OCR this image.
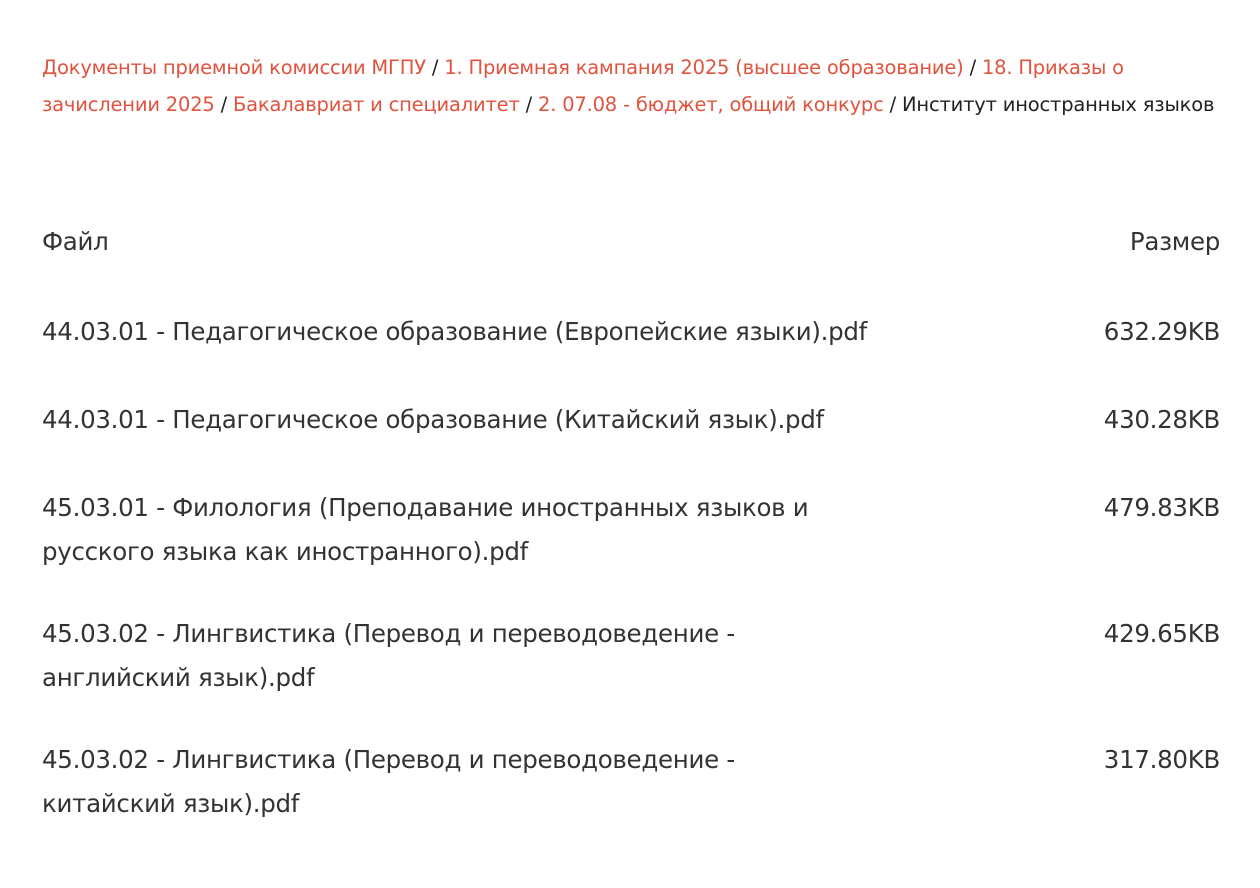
Документы приемной комиссии МГПУ / 1. Приемная кампания 2025 (высшее образование) / 18. Приказы о зачислении 2025 / Бакалавриат и специалитет / 2. 07.08 - бюджет, общий конкурс / Институт иностранных языков
Файл	Размер

44.03.01 - Педагогическое образование (Европейские языки).pdf	632.29KB

44.03.01 - Педагогическое образование (Китайский язык).pdf	430.28KB

45.03.01 - Филология (Преподавание иностранных языков и русского языка как иностранного).pdf	479.83KB

45.03.02 - Лингвистика (Перевод и переводоведение - английский язык).pdf	429.65KB

45.03.02 - Лингвистика (Перевод и переводоведение - китайский язык).pdf	317.80KB
